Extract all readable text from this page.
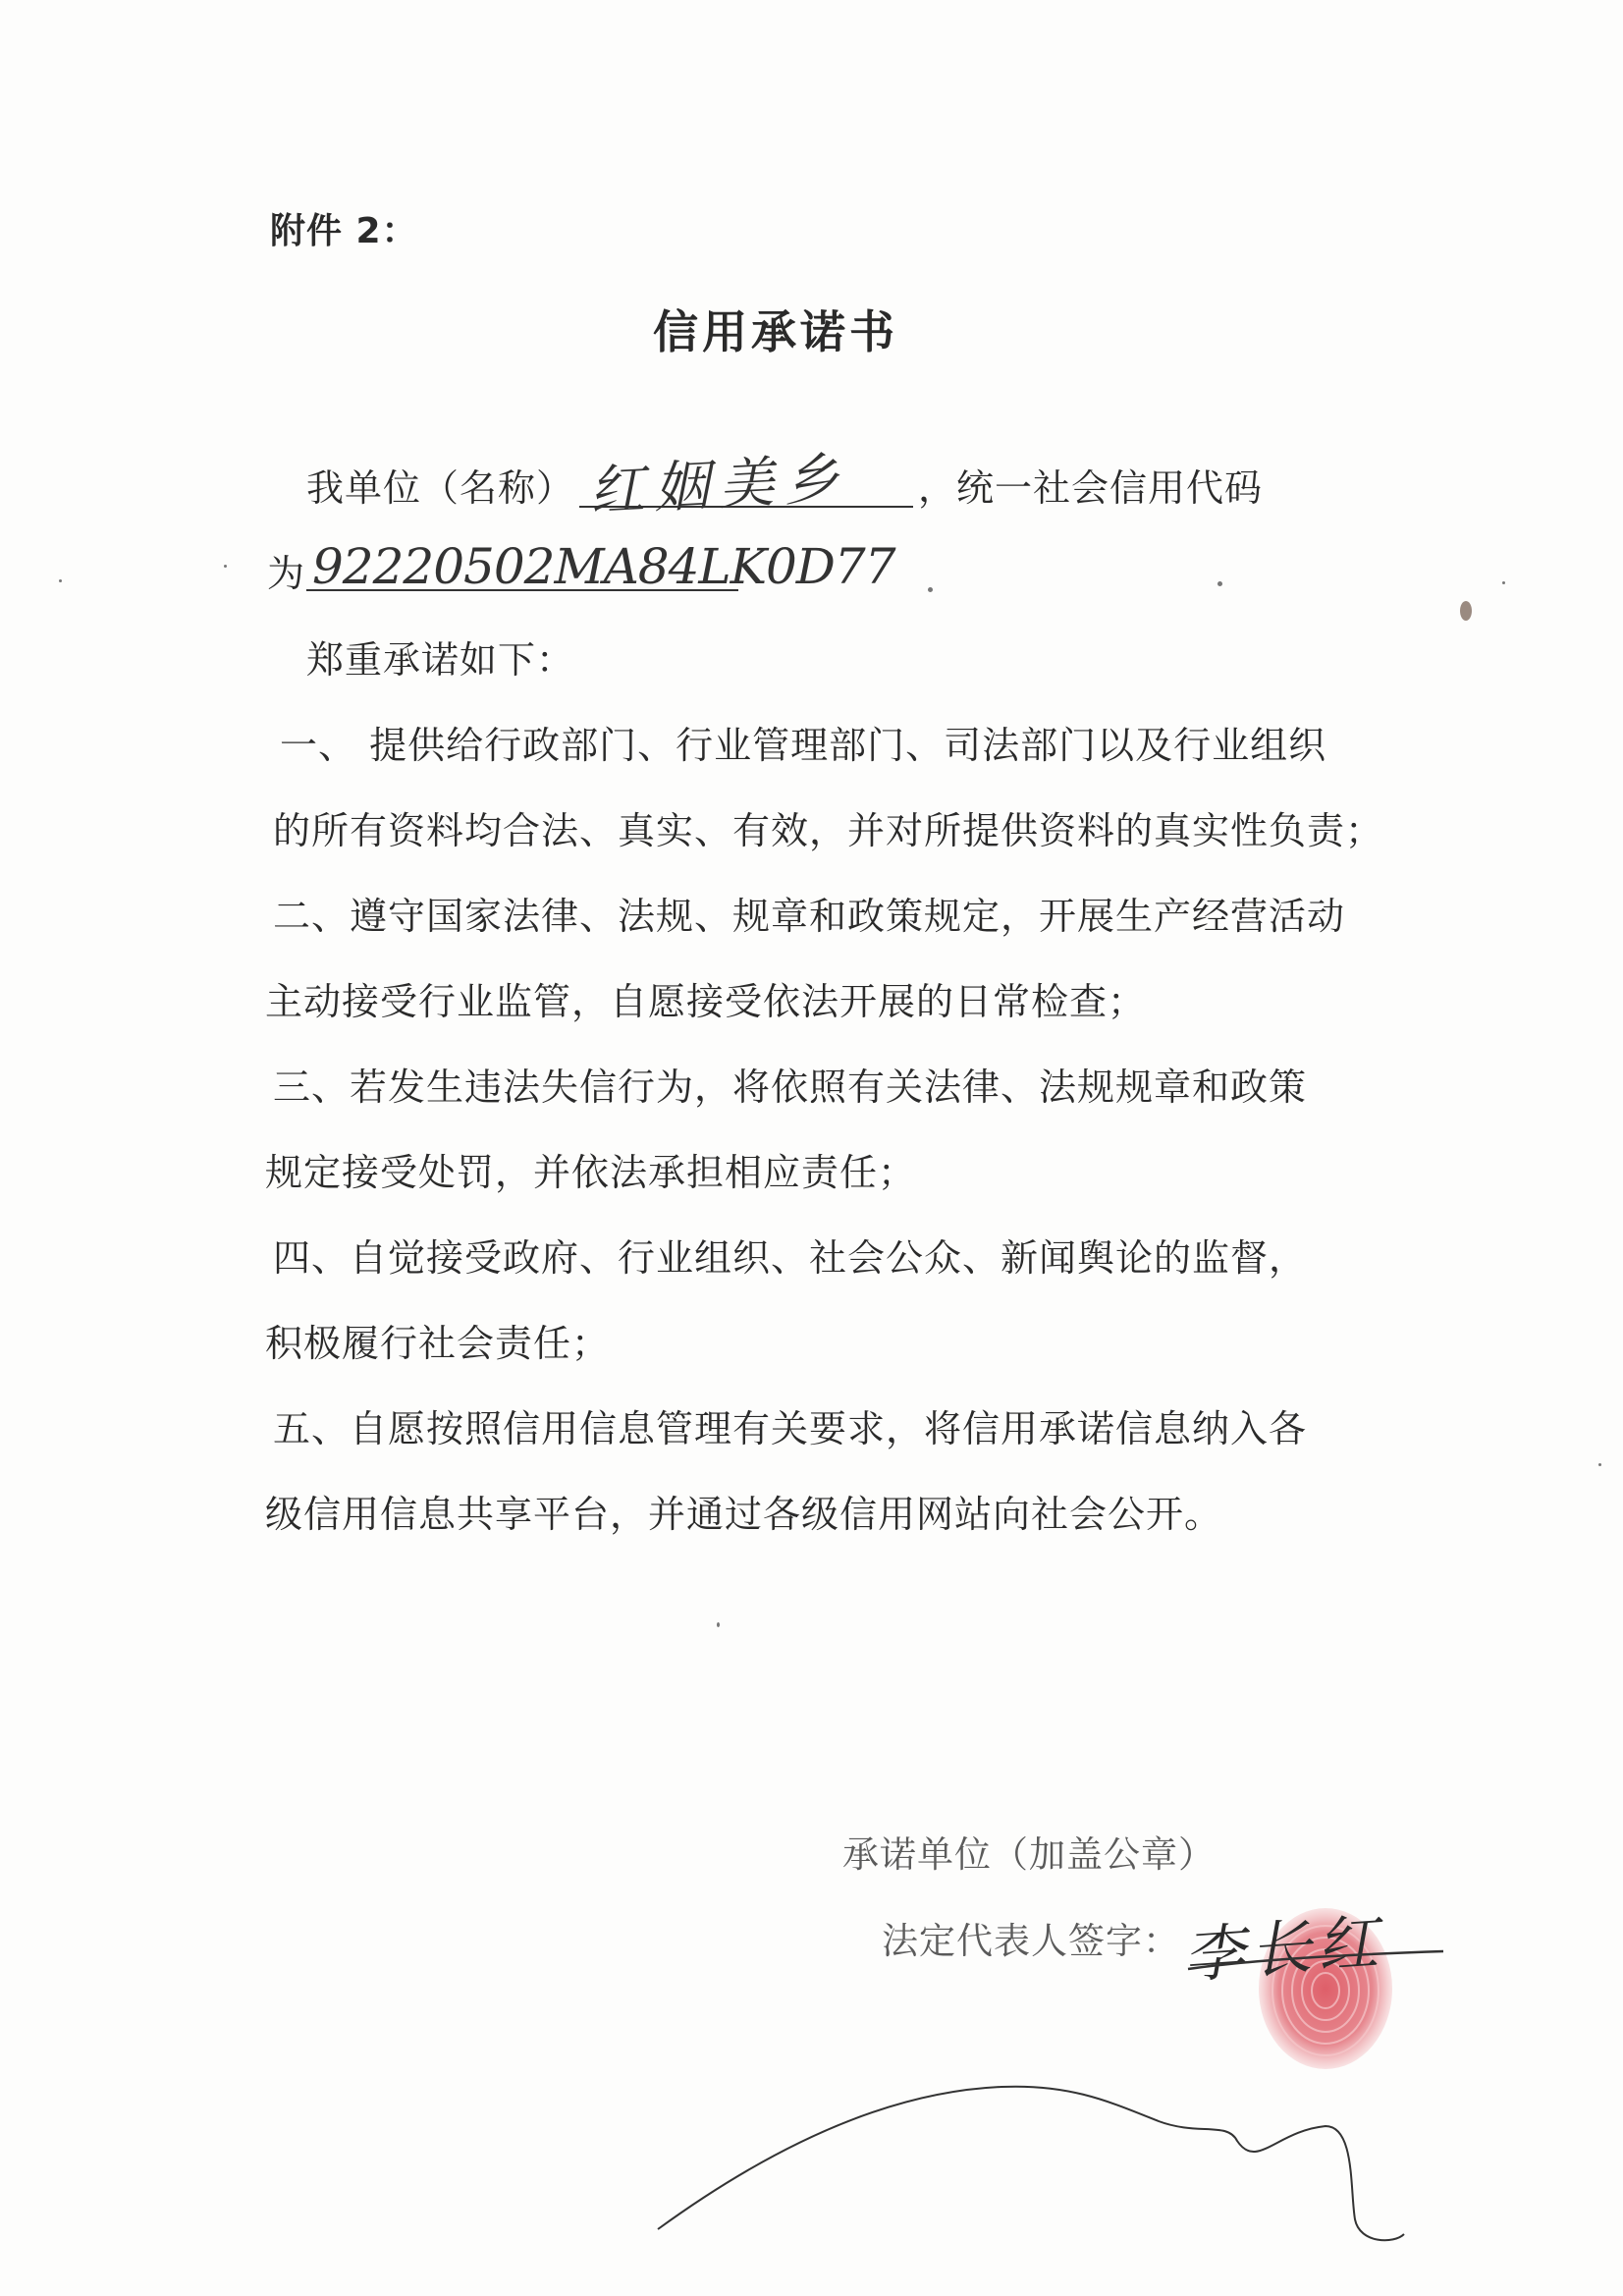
附件 2：
信用承诺书
我单位（名称） 红姻美乡 ，统一社会信用代码
为 92220502MA84LK0D77
郑重承诺如下：
一、 提供给行政部门、行业管理部门、司法部门以及行业组织
的所有资料均合法、真实、有效，并对所提供资料的真实性负责；
二、遵守国家法律、法规、规章和政策规定，开展生产经营活动
主动接受行业监管，自愿接受依法开展的日常检查；
三、若发生违法失信行为，将依照有关法律、法规规章和政策
规定接受处罚，并依法承担相应责任；
四、自觉接受政府、行业组织、社会公众、新闻舆论的监督，
积极履行社会责任；
五、自愿按照信用信息管理有关要求，将信用承诺信息纳入各
级信用信息共享平台，并通过各级信用网站向社会公开。
承诺单位（加盖公章）
法定代表人签字： 李长红
